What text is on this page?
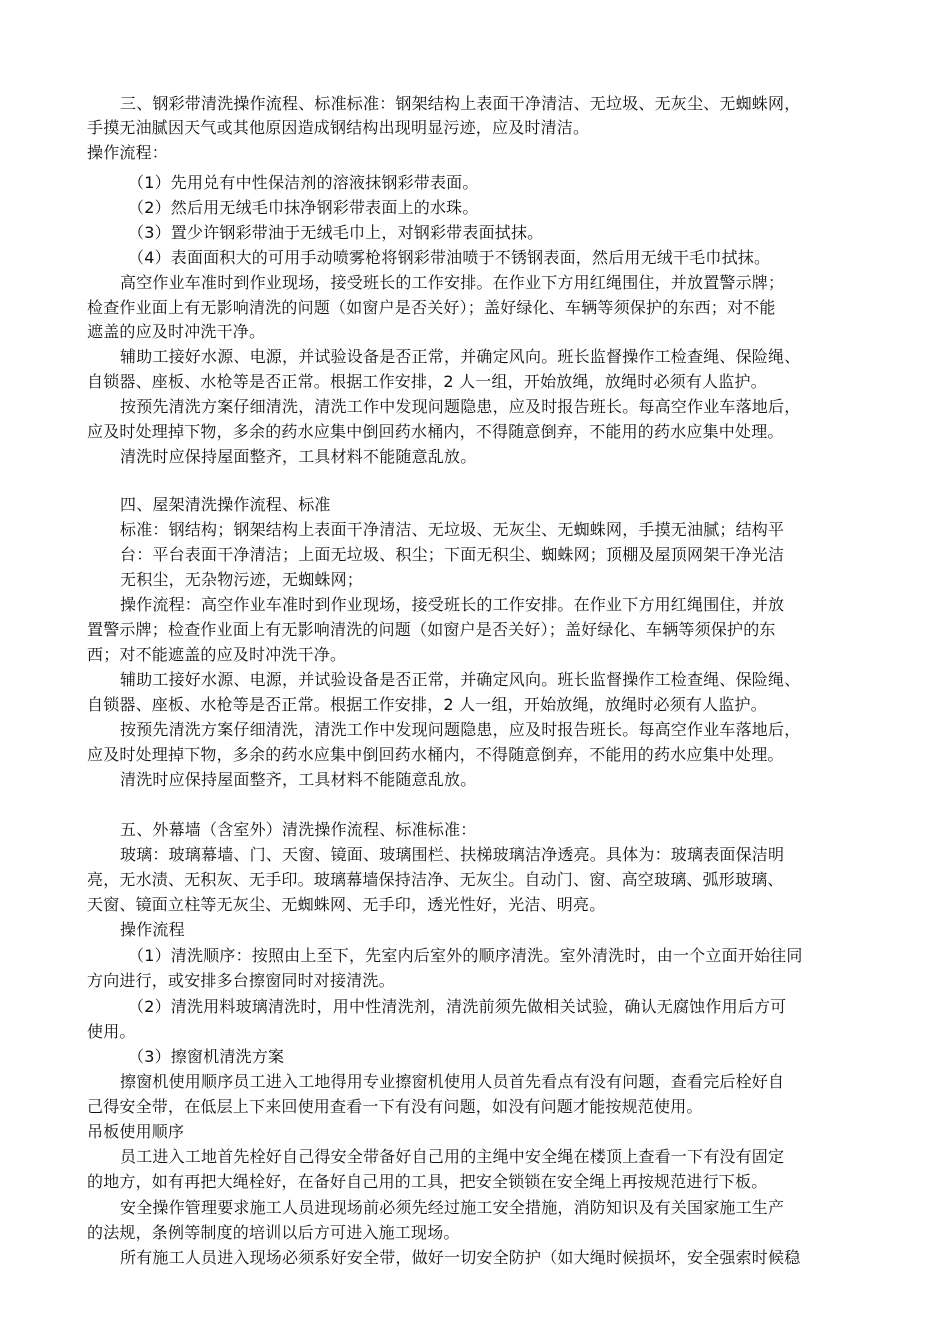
三、钢彩带清洗操作流程、标准标准：钢架结构上表面干净清洁、无垃圾、无灰尘、无蜘蛛网，
手摸无油腻因天气或其他原因造成钢结构出现明显污迹，应及时清洁。
操作流程：
（1）先用兑有中性保洁剂的溶液抹钢彩带表面。
（2）然后用无绒毛巾抹净钢彩带表面上的水珠。
（3）置少许钢彩带油于无绒毛巾上，对钢彩带表面拭抹。
（4）表面面积大的可用手动喷雾枪将钢彩带油喷于不锈钢表面，然后用无绒干毛巾拭抹。
高空作业车准时到作业现场，接受班长的工作安排。在作业下方用红绳围住，并放置警示牌；
检查作业面上有无影响清洗的问题（如窗户是否关好）；盖好绿化、车辆等须保护的东西；对不能
遮盖的应及时冲洗干净。
辅助工接好水源、电源，并试验设备是否正常，并确定风向。班长监督操作工检查绳、保险绳、
自锁器、座板、水枪等是否正常。根据工作安排，2 人一组，开始放绳，放绳时必须有人监护。
按预先清洗方案仔细清洗，清洗工作中发现问题隐患，应及时报告班长。每高空作业车落地后，
应及时处理掉下物，多余的药水应集中倒回药水桶内，不得随意倒弃，不能用的药水应集中处理。
清洗时应保持屋面整齐，工具材料不能随意乱放。
四、屋架清洗操作流程、标准
标准：钢结构；钢架结构上表面干净清洁、无垃圾、无灰尘、无蜘蛛网，手摸无油腻；结构平
台：平台表面干净清洁；上面无垃圾、积尘；下面无积尘、蜘蛛网；顶棚及屋顶网架干净光洁
无积尘，无杂物污迹，无蜘蛛网；
操作流程：高空作业车准时到作业现场，接受班长的工作安排。在作业下方用红绳围住，并放
置警示牌；检查作业面上有无影响清洗的问题（如窗户是否关好）；盖好绿化、车辆等须保护的东
西；对不能遮盖的应及时冲洗干净。
辅助工接好水源、电源，并试验设备是否正常，并确定风向。班长监督操作工检查绳、保险绳、
自锁器、座板、水枪等是否正常。根据工作安排，2 人一组，开始放绳，放绳时必须有人监护。
按预先清洗方案仔细清洗，清洗工作中发现问题隐患，应及时报告班长。每高空作业车落地后，
应及时处理掉下物，多余的药水应集中倒回药水桶内，不得随意倒弃，不能用的药水应集中处理。
清洗时应保持屋面整齐，工具材料不能随意乱放。
五、外幕墙（含室外）清洗操作流程、标准标准：
玻璃：玻璃幕墙、门、天窗、镜面、玻璃围栏、扶梯玻璃洁净透亮。具体为：玻璃表面保洁明
亮，无水渍、无积灰、无手印。玻璃幕墙保持洁净、无灰尘。自动门、窗、高空玻璃、弧形玻璃、
天窗、镜面立柱等无灰尘、无蜘蛛网、无手印，透光性好，光洁、明亮。
操作流程
（1）清洗顺序：按照由上至下，先室内后室外的顺序清洗。室外清洗时，由一个立面开始往同
方向进行，或安排多台擦窗同时对接清洗。
（2）清洗用料玻璃清洗时，用中性清洗剂，清洗前须先做相关试验，确认无腐蚀作用后方可
使用。
（3）擦窗机清洗方案
擦窗机使用顺序员工进入工地得用专业擦窗机使用人员首先看点有没有问题，查看完后栓好自
己得安全带，在低层上下来回使用查看一下有没有问题，如没有问题才能按规范使用。
吊板使用顺序
员工进入工地首先栓好自己得安全带备好自己用的主绳中安全绳在楼顶上查看一下有没有固定
的地方，如有再把大绳栓好，在备好自己用的工具，把安全锁锁在安全绳上再按规范进行下板。
安全操作管理要求施工人员进现场前必须先经过施工安全措施，消防知识及有关国家施工生产
的法规，条例等制度的培训以后方可进入施工现场。
所有施工人员进入现场必须系好安全带，做好一切安全防护（如大绳时候损坏，安全强索时候稳
